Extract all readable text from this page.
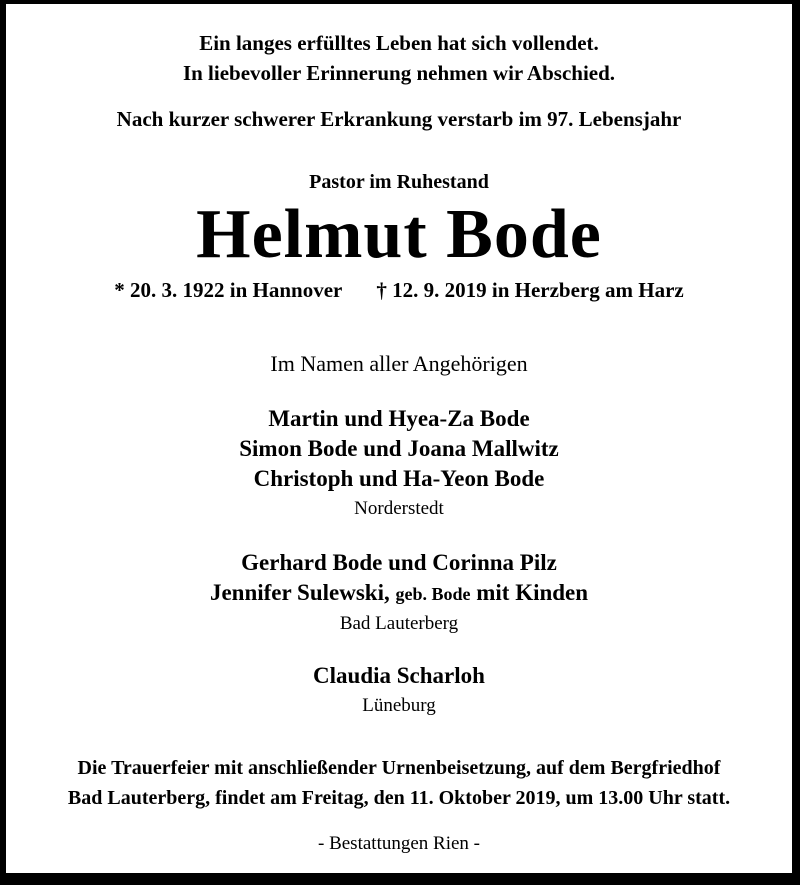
Ein langes erfülltes Leben hat sich vollendet.
In liebevoller Erinnerung nehmen wir Abschied.
Nach kurzer schwerer Erkrankung verstarb im 97. Lebensjahr
Pastor im Ruhestand
Helmut Bode
* 20. 3. 1922 in Hannover † 12. 9. 2019 in Herzberg am Harz
Im Namen aller Angehörigen
Martin und Hyea-Za Bode
Simon Bode und Joana Mallwitz
Christoph und Ha-Yeon Bode
Norderstedt
Gerhard Bode und Corinna Pilz
Jennifer Sulewski, geb. Bode mit Kinden
Bad Lauterberg
Claudia Scharloh
Lüneburg
Die Trauerfeier mit anschließender Urnenbeisetzung, auf dem Bergfriedhof
Bad Lauterberg, findet am Freitag, den 11. Oktober 2019, um 13.00 Uhr statt.
- Bestattungen Rien -
